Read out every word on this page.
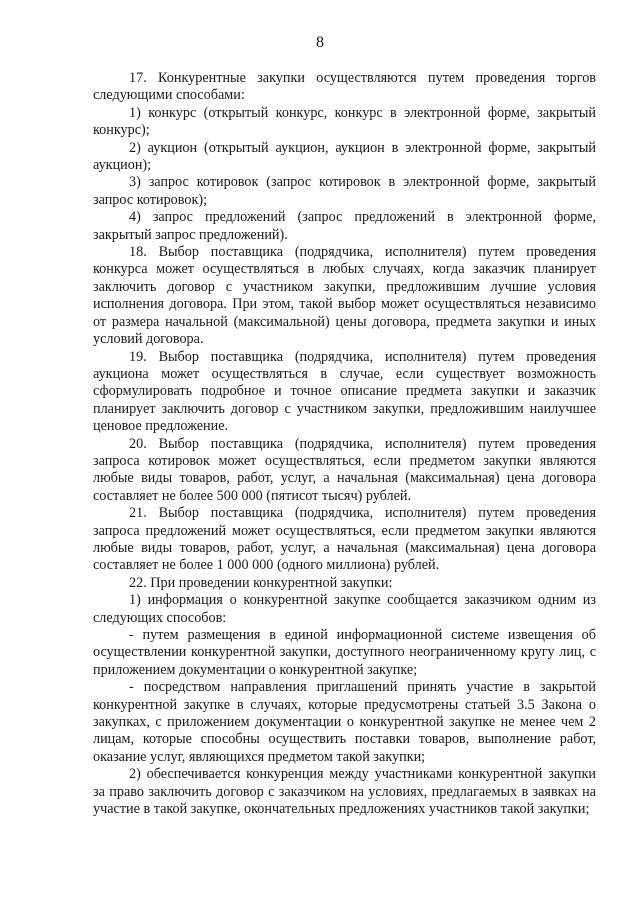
8

17. Конкурентные закупки осуществляются путем проведения торгов следующими способами:

1) конкурс (открытый конкурс, конкурс в электронной форме, закрытый конкурс);

2) аукцион (открытый аукцион, аукцион в электронной форме, закрытый аукцион);

3) запрос котировок (запрос котировок в электронной форме, закрытый запрос котировок);

4) запрос предложений (запрос предложений в электронной форме, закрытый запрос предложений).

18. Выбор поставщика (подрядчика, исполнителя) путем проведения конкурса может осуществляться в любых случаях, когда заказчик планирует заключить договор с участником закупки, предложившим лучшие условия исполнения договора. При этом, такой выбор может осуществляться независимо от размера начальной (максимальной) цены договора, предмета закупки и иных условий договора.

19. Выбор поставщика (подрядчика, исполнителя) путем проведения аукциона может осуществляться в случае, если существует возможность сформулировать подробное и точное описание предмета закупки и заказчик планирует заключить договор с участником закупки, предложившим наилучшее ценовое предложение.

20. Выбор поставщика (подрядчика, исполнителя) путем проведения запроса котировок может осуществляться, если предметом закупки являются любые виды товаров, работ, услуг, а начальная (максимальная) цена договора составляет не более 500 000 (пятисот тысяч) рублей.

21. Выбор поставщика (подрядчика, исполнителя) путем проведения запроса предложений может осуществляться, если предметом закупки являются любые виды товаров, работ, услуг, а начальная (максимальная) цена договора составляет не более 1 000 000 (одного миллиона) рублей.

22. При проведении конкурентной закупки:

1) информация о конкурентной закупке сообщается заказчиком одним из следующих способов:

- путем размещения в единой информационной системе извещения об осуществлении конкурентной закупки, доступного неограниченному кругу лиц, с приложением документации о конкурентной закупке;

- посредством направления приглашений принять участие в закрытой конкурентной закупке в случаях, которые предусмотрены статьей 3.5 Закона о закупках, с приложением документации о конкурентной закупке не менее чем 2 лицам, которые способны осуществить поставки товаров, выполнение работ, оказание услуг, являющихся предметом такой закупки;

2) обеспечивается конкуренция между участниками конкурентной закупки за право заключить договор с заказчиком на условиях, предлагаемых в заявках на участие в такой закупке, окончательных предложениях участников такой закупки;
